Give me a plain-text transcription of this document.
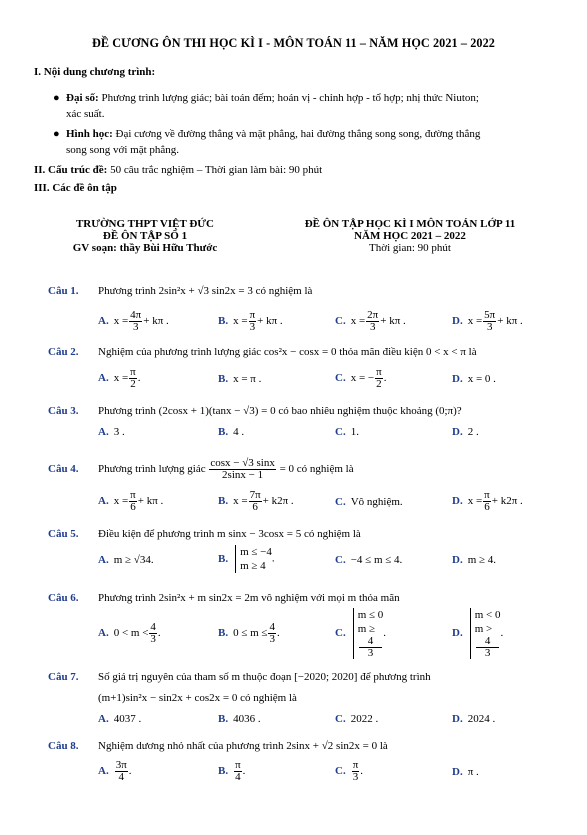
ĐỀ CƯƠNG ÔN THI HỌC KÌ I - MÔN TOÁN 11 – NĂM HỌC 2021 – 2022
I. Nội dung chương trình:
● Đại số: Phương trình lượng giác; bài toán đếm; hoán vị - chỉnh hợp - tổ hợp; nhị thức Niuton;
xác suất.
● Hình học: Đại cương về đường thẳng và mặt phẳng, hai đường thẳng song song, đường thẳng
song song với mặt phẳng.
II. Cấu trúc đề: 50 câu trắc nghiệm – Thời gian làm bài: 90 phút
III. Các đề ôn tập
TRƯỜNG THPT VIỆT ĐỨC
ĐỀ ÔN TẬP SỐ 1
GV soạn: thầy Bùi Hữu Thước
ĐỀ ÔN TẬP HỌC KÌ I MÔN TOÁN LỚP 11
NĂM HỌC 2021 – 2022
Thời gian: 90 phút
Câu 1. Phương trình 2sin²x + √3 sin2x = 3 có nghiệm là
A. $x = \frac{4\pi}{3} + k\pi$ .	B. $x = \frac{\pi}{3} + k\pi$ .	C. $x = \frac{2\pi}{3} + k\pi$ .	D. $x = \frac{5\pi}{3} + k\pi$ .
Câu 2. Nghiệm của phương trình lượng giác cos²x − cosx = 0 thỏa mãn điều kiện 0 < x < π là
A. $x = \frac{\pi}{2}$ .	B. x = π .	C. x = − $\frac{\pi}{2}$ .	D. x = 0 .
Câu 3. Phương trình (2cosx + 1)(tanx − √3) = 0 có bao nhiêu nghiệm thuộc khoảng (0;π)?
A. 3 .	B. 4 .	C. 1.	D. 2 .
Câu 4. Phương trình lượng giác $\frac{\cos x - √3 \sin x}{2\sin x - 1} = 0$ có nghiệm là
A. $x = \frac{\pi}{6} + k\pi$ .	B. $x = \frac{7\pi}{6} + k2\pi$ .	C. Vô nghiệm.	D. $x = \frac{\pi}{6} + k2\pi$ .
Câu 5. Điều kiện để phương trình m sinx − 3cosx = 5 có nghiệm là
A. m ≥ √34.	B.
m ≤ −4
m ≥ 4
.	C. −4 ≤ m ≤ 4.	D. m ≥ 4.
Câu 6. Phương trình 2sin²x + m sin2x = 2m vô nghiệm với mọi m thỏa mãn
A. $0 < m < \frac{4}{3}$ .	B. $0 \le m \le \frac{4}{3}$ .	C.
m ≤ 0
m ≥
4
3
.	D.
m < 0
m >
4
3
.
Câu 7. Số giá trị nguyên của tham số m thuộc đoạn [−2020; 2020] để phương trình
(m+1)sin²x − sin2x + cos2x = 0 có nghiệm là
A. 4037 .	B. 4036 .	C. 2022 .	D. 2024 .
Câu 8. Nghiệm dương nhỏ nhất của phương trình 2sinx + √2 sin2x = 0 là
A. $\frac{3\pi}{4}$ .	B. $\frac{\pi}{4}$ .	C. $\frac{\pi}{3}$ .	D. π .
